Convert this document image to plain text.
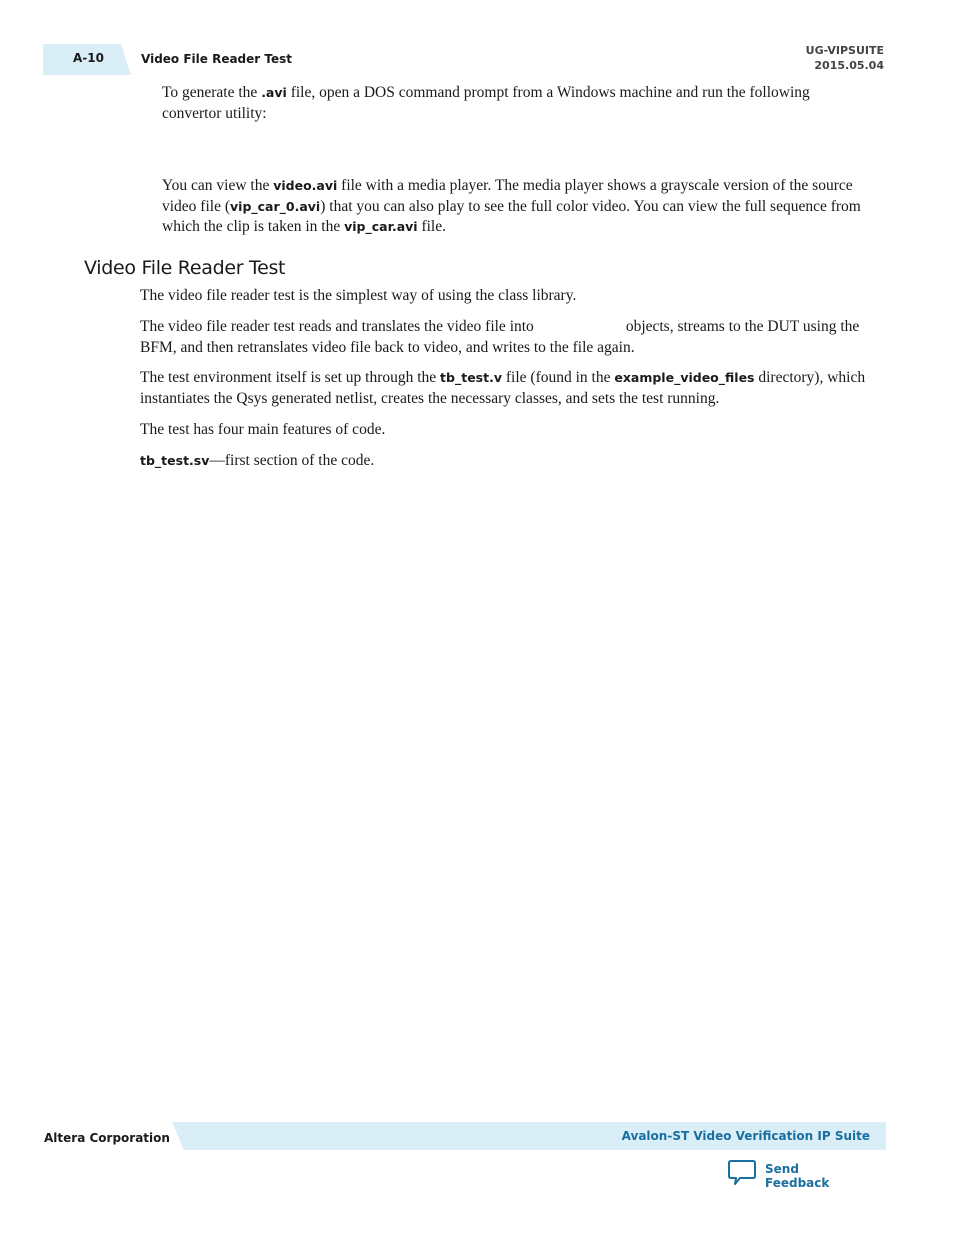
A-10	Video File Reader Test
UG-VIPSUITE
2015.05.04

To generate the .avi file, open a DOS command prompt from a Windows machine and run the following convertor utility:

You can view the video.avi file with a media player. The media player shows a grayscale version of the source video file (vip_car_0.avi) that you can also play to see the full color video. You can view the full sequence from which the clip is taken in the vip_car.avi file.

Video File Reader Test

The video file reader test is the simplest way of using the class library.

The video file reader test reads and translates the video file into	objects, streams to the DUT using the BFM, and then retranslates video file back to video, and writes to the file again.

The test environment itself is set up through the tb_test.v file (found in the example_video_files directory), which instantiates the Qsys generated netlist, creates the necessary classes, and sets the test running.

The test has four main features of code.

tb_test.sv—first section of the code.

Altera Corporation	Avalon-ST Video Verification IP Suite
Send Feedback
